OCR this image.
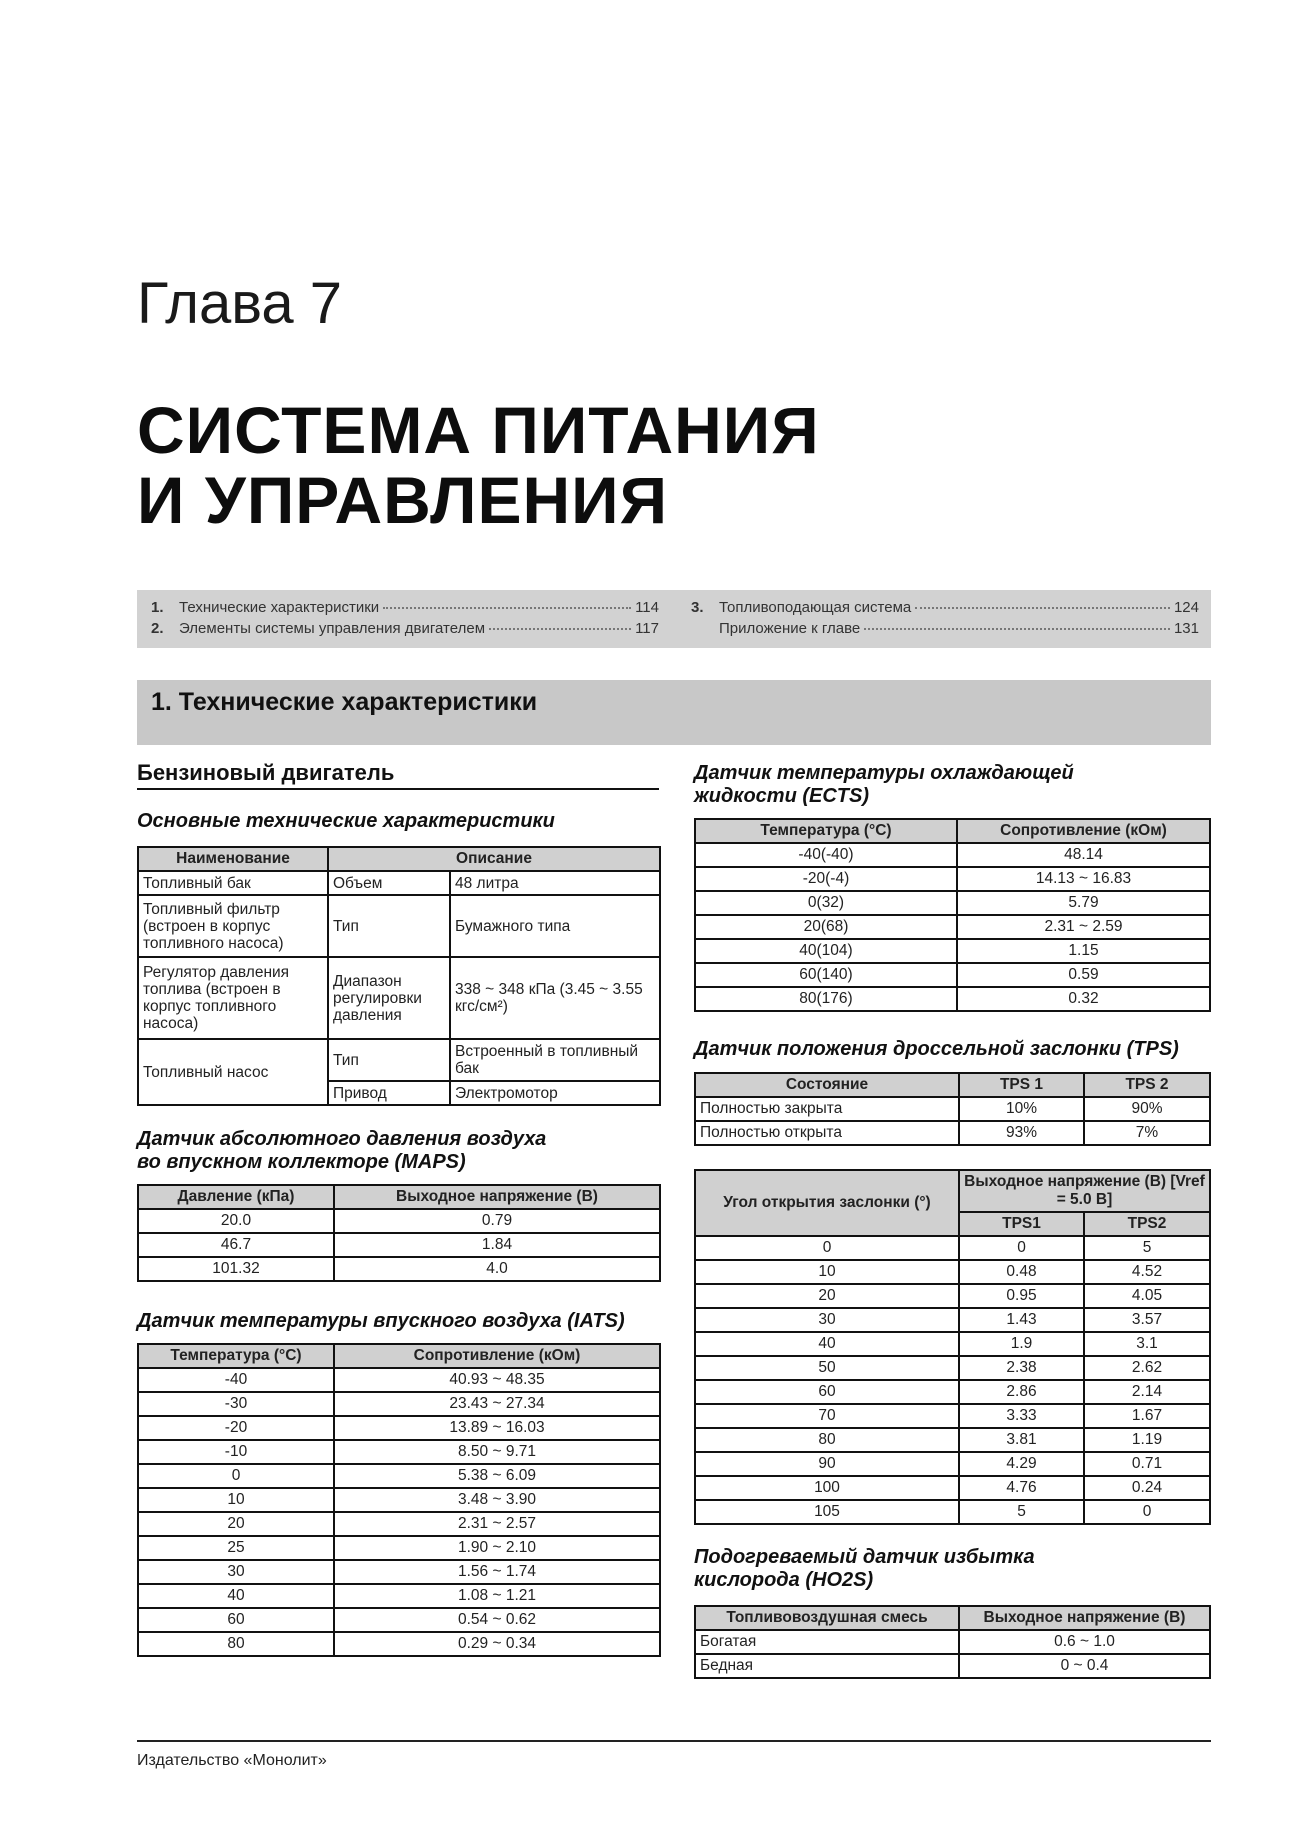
Глава 7
СИСТЕМА ПИТАНИЯ
И УПРАВЛЕНИЯ
1.	Технические характеристики	114
2.	Элементы системы управления двигателем	117
3.	Топливоподающая система	124
Приложение к главе	131
1. Технические характеристики
Бензиновый двигатель
Основные технические характеристики
Наименование	Описание	
Топливный бак	Объем	48 литра
Топливный фильтр (встроен в корпус топливного насоса)	Тип	Бумажного типа
Регулятор давления топлива (встроен в корпус топливного насоса)	Диапазон регулировки давления	338 ~ 348 кПа (3.45 ~ 3.55 кгс/см²)
Топливный насос	Тип	Встроенный в топливный бак
	Привод	Электромотор
Датчик абсолютного давления воздуха
во впускном коллекторе (MAPS)
Давление (кПа)	Выходное напряжение (В)
20.0	0.79
46.7	1.84
101.32	4.0
Датчик температуры впускного воздуха (IATS)
Температура (°C)	Сопротивление (кОм)
-40	40.93 ~ 48.35
-30	23.43 ~ 27.34
-20	13.89 ~ 16.03
-10	8.50 ~ 9.71
0	5.38 ~ 6.09
10	3.48 ~ 3.90
20	2.31 ~ 2.57
25	1.90 ~ 2.10
30	1.56 ~ 1.74
40	1.08 ~ 1.21
60	0.54 ~ 0.62
80	0.29 ~ 0.34
Датчик температуры охлаждающей
жидкости (ECTS)
Температура (°C)	Сопротивление (кОм)
-40(-40)	48.14
-20(-4)	14.13 ~ 16.83
0(32)	5.79
20(68)	2.31 ~ 2.59
40(104)	1.15
60(140)	0.59
80(176)	0.32
Датчик положения дроссельной заслонки (TPS)
Состояние	TPS 1	TPS 2
Полностью закрыта	10%	90%
Полностью открыта	93%	7%
Угол открытия заслонки (°)	Выходное напряжение (В) [Vref = 5.0 В]	
	TPS1	TPS2
0	0	5
10	0.48	4.52
20	0.95	4.05
30	1.43	3.57
40	1.9	3.1
50	2.38	2.62
60	2.86	2.14
70	3.33	1.67
80	3.81	1.19
90	4.29	0.71
100	4.76	0.24
105	5	0
Подогреваемый датчик избытка
кислорода (HO2S)
Топливовоздушная смесь	Выходное напряжение (В)
Богатая	0.6 ~ 1.0
Бедная	0 ~ 0.4
Издательство «Монолит»
